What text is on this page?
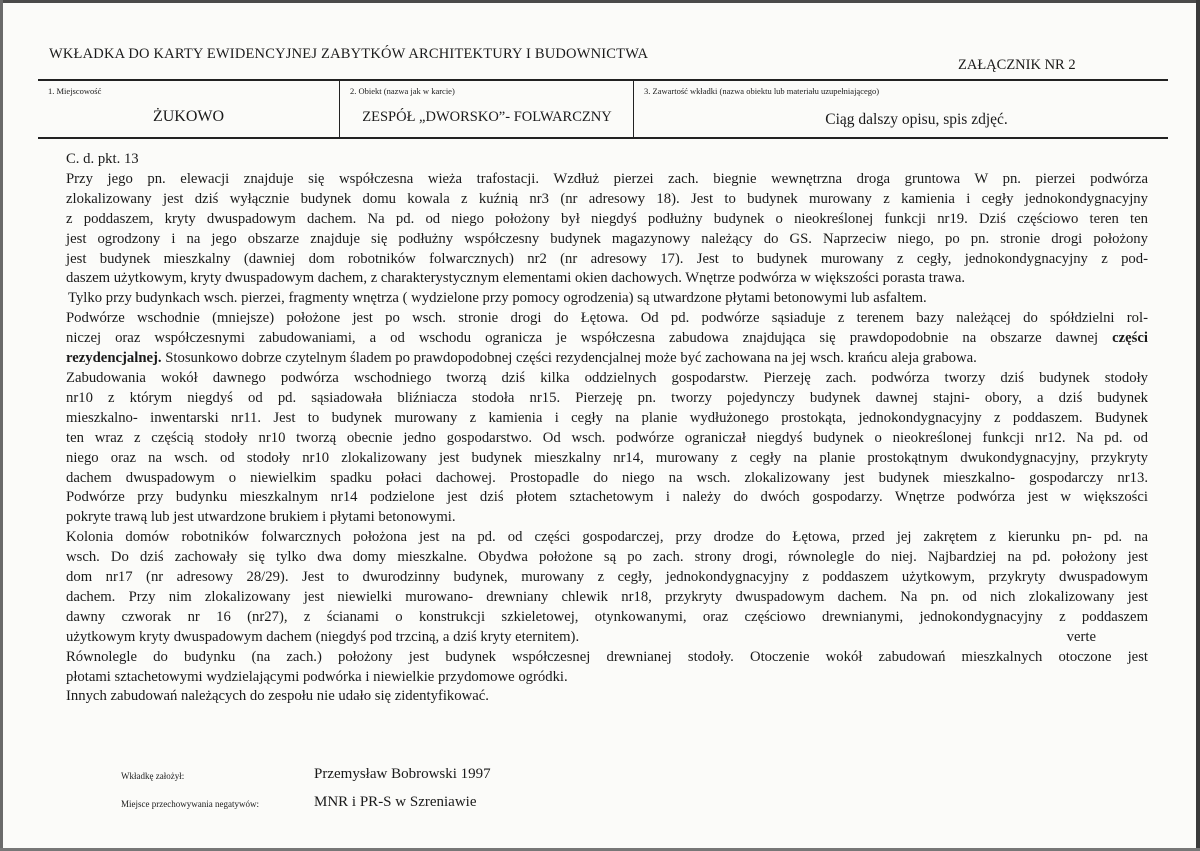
WKŁADKA DO KARTY EWIDENCYJNEJ ZABYTKÓW ARCHITEKTURY I BUDOWNICTWA
ZAŁĄCZNIK NR 2
1. Miejscowość
ŻUKOWO
2. Obiekt (nazwa jak w karcie)
ZESPÓŁ „DWORSKO”- FOLWARCZNY
3. Zawartość wkładki (nazwa obiektu lub materiału uzupełniającego)
Ciąg dalszy opisu, spis zdjęć.
C. d. pkt. 13
Przy jego pn. elewacji znajduje się współczesna wieża trafostacji. Wzdłuż pierzei zach. biegnie wewnętrzna droga gruntowa W pn. pierzei podwórza
zlokalizowany jest dziś wyłącznie budynek domu kowala z kuźnią nr3 (nr adresowy 18). Jest to budynek murowany z kamienia i cegły jednokondygnacyjny
z poddaszem, kryty dwuspadowym dachem. Na pd. od niego położony był niegdyś podłużny budynek o nieokreślonej funkcji nr19. Dziś częściowo teren ten
jest ogrodzony i na jego obszarze znajduje się podłużny współczesny budynek magazynowy należący do GS. Naprzeciw niego, po pn. stronie drogi położony
jest budynek mieszkalny (dawniej dom robotników folwarcznych) nr2 (nr adresowy 17). Jest to budynek murowany z cegły, jednokondygnacyjny z pod-
daszem użytkowym, kryty dwuspadowym dachem, z charakterystycznym elementami okien dachowych. Wnętrze podwórza w większości porasta trawa.
Tylko przy budynkach wsch. pierzei, fragmenty wnętrza ( wydzielone przy pomocy ogrodzenia) są utwardzone płytami betonowymi lub asfaltem.
Podwórze wschodnie (mniejsze) położone jest po wsch. stronie drogi do Łętowa. Od pd. podwórze sąsiaduje z terenem bazy należącej do spółdzielni rol-
niczej oraz współczesnymi zabudowaniami, a od wschodu ogranicza je współczesna zabudowa znajdująca się prawdopodobnie na obszarze dawnej części
rezydencjalnej. Stosunkowo dobrze czytelnym śladem po prawdopodobnej części rezydencjalnej może być zachowana na jej wsch. krańcu aleja grabowa.
Zabudowania wokół dawnego podwórza wschodniego tworzą dziś kilka oddzielnych gospodarstw. Pierzeję zach. podwórza tworzy dziś budynek stodoły
nr10 z którym niegdyś od pd. sąsiadowała bliźniacza stodoła nr15. Pierzeję pn. tworzy pojedynczy budynek dawnej stajni- obory, a dziś budynek
mieszkalno- inwentarski nr11. Jest to budynek murowany z kamienia i cegły na planie wydłużonego prostokąta, jednokondygnacyjny z poddaszem. Budynek
ten wraz z częścią stodoły nr10 tworzą obecnie jedno gospodarstwo. Od wsch. podwórze ograniczał niegdyś budynek o nieokreślonej funkcji nr12. Na pd. od
niego oraz na wsch. od stodoły nr10 zlokalizowany jest budynek mieszkalny nr14, murowany z cegły na planie prostokątnym dwukondygnacyjny, przykryty
dachem dwuspadowym o niewielkim spadku połaci dachowej. Prostopadle do niego na wsch. zlokalizowany jest budynek mieszkalno- gospodarczy nr13.
Podwórze przy budynku mieszkalnym nr14 podzielone jest dziś płotem sztachetowym i należy do dwóch gospodarzy. Wnętrze podwórza jest w większości
pokryte trawą lub jest utwardzone brukiem i płytami betonowymi.
Kolonia domów robotników folwarcznych położona jest na pd. od części gospodarczej, przy drodze do Łętowa, przed jej zakrętem z kierunku pn- pd. na
wsch. Do dziś zachowały się tylko dwa domy mieszkalne. Obydwa położone są po zach. strony drogi, równolegle do niej. Najbardziej na pd. położony jest
dom nr17 (nr adresowy 28/29). Jest to dwurodzinny budynek, murowany z cegły, jednokondygnacyjny z poddaszem użytkowym, przykryty dwuspadowym
dachem. Przy nim zlokalizowany jest niewielki murowano- drewniany chlewik nr18, przykryty dwuspadowym dachem. Na pn. od nich zlokalizowany jest
dawny czworak nr 16 (nr27), z ścianami o konstrukcji szkieletowej, otynkowanymi, oraz częściowo drewnianymi, jednokondygnacyjny z poddaszem
użytkowym kryty dwuspadowym dachem (niegdyś pod trzciną, a dziś kryty eternitem).	verte
Równolegle do budynku (na zach.) położony jest budynek współczesnej drewnianej stodoły. Otoczenie wokół zabudowań mieszkalnych otoczone jest
płotami sztachetowymi wydzielającymi podwórka i niewielkie przydomowe ogródki.
Innych zabudowań należących do zespołu nie udało się zidentyfikować.
Wkładkę założył:	Przemysław Bobrowski 1997
Miejsce przechowywania negatywów:	MNR i PR-S w Szreniawie
